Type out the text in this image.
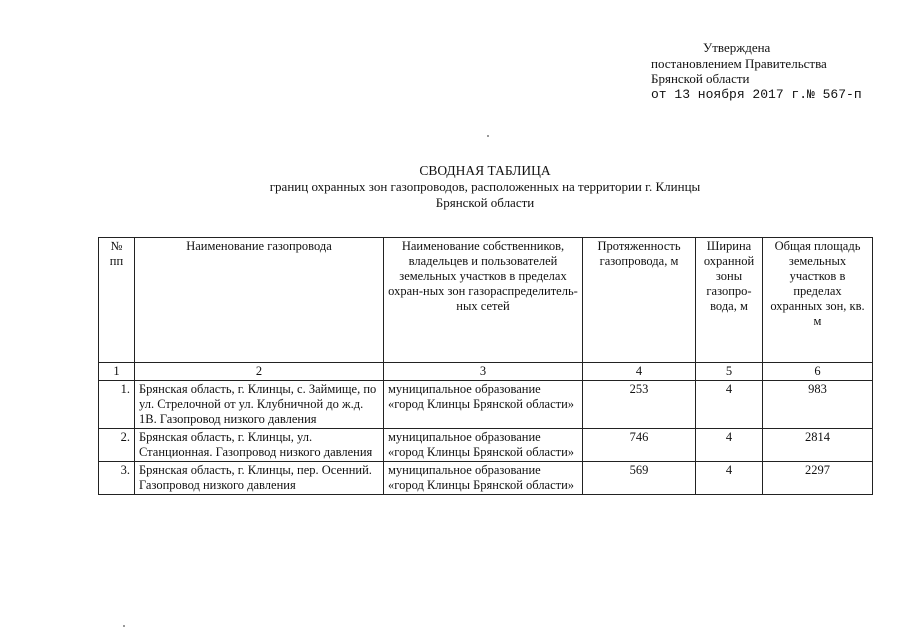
Утверждена
постановлением Правительства
Брянской области
от 13 ноября 2017 г.№ 567-п
СВОДНАЯ ТАБЛИЦА
границ охранных зон газопроводов, расположенных на территории г. Клинцы
Брянской области
№ пп	Наименование газопровода	Наименование собственников, владельцев и пользователей земельных участков в пределах охран-ных зон газораспределитель-ных сетей	Протяженность газопровода, м	Ширина охранной зоны газопро-вода, м	Общая площадь земельных участков в пределах охранных зон, кв. м
1	2	3	4	5	6
1.	Брянская область, г. Клинцы, с. Займище, по ул. Стрелочной от ул. Клубничной до ж.д. 1В. Газопровод низкого давления	муниципальное образование «город Клинцы Брянской области»	253	4	983
2.	Брянская область, г. Клинцы, ул. Станционная. Газопровод низкого давления	муниципальное образование «город Клинцы Брянской области»	746	4	2814
3.	Брянская область, г. Клинцы, пер. Осенний. Газопровод низкого давления	муниципальное образование «город Клинцы Брянской области»	569	4	2297
